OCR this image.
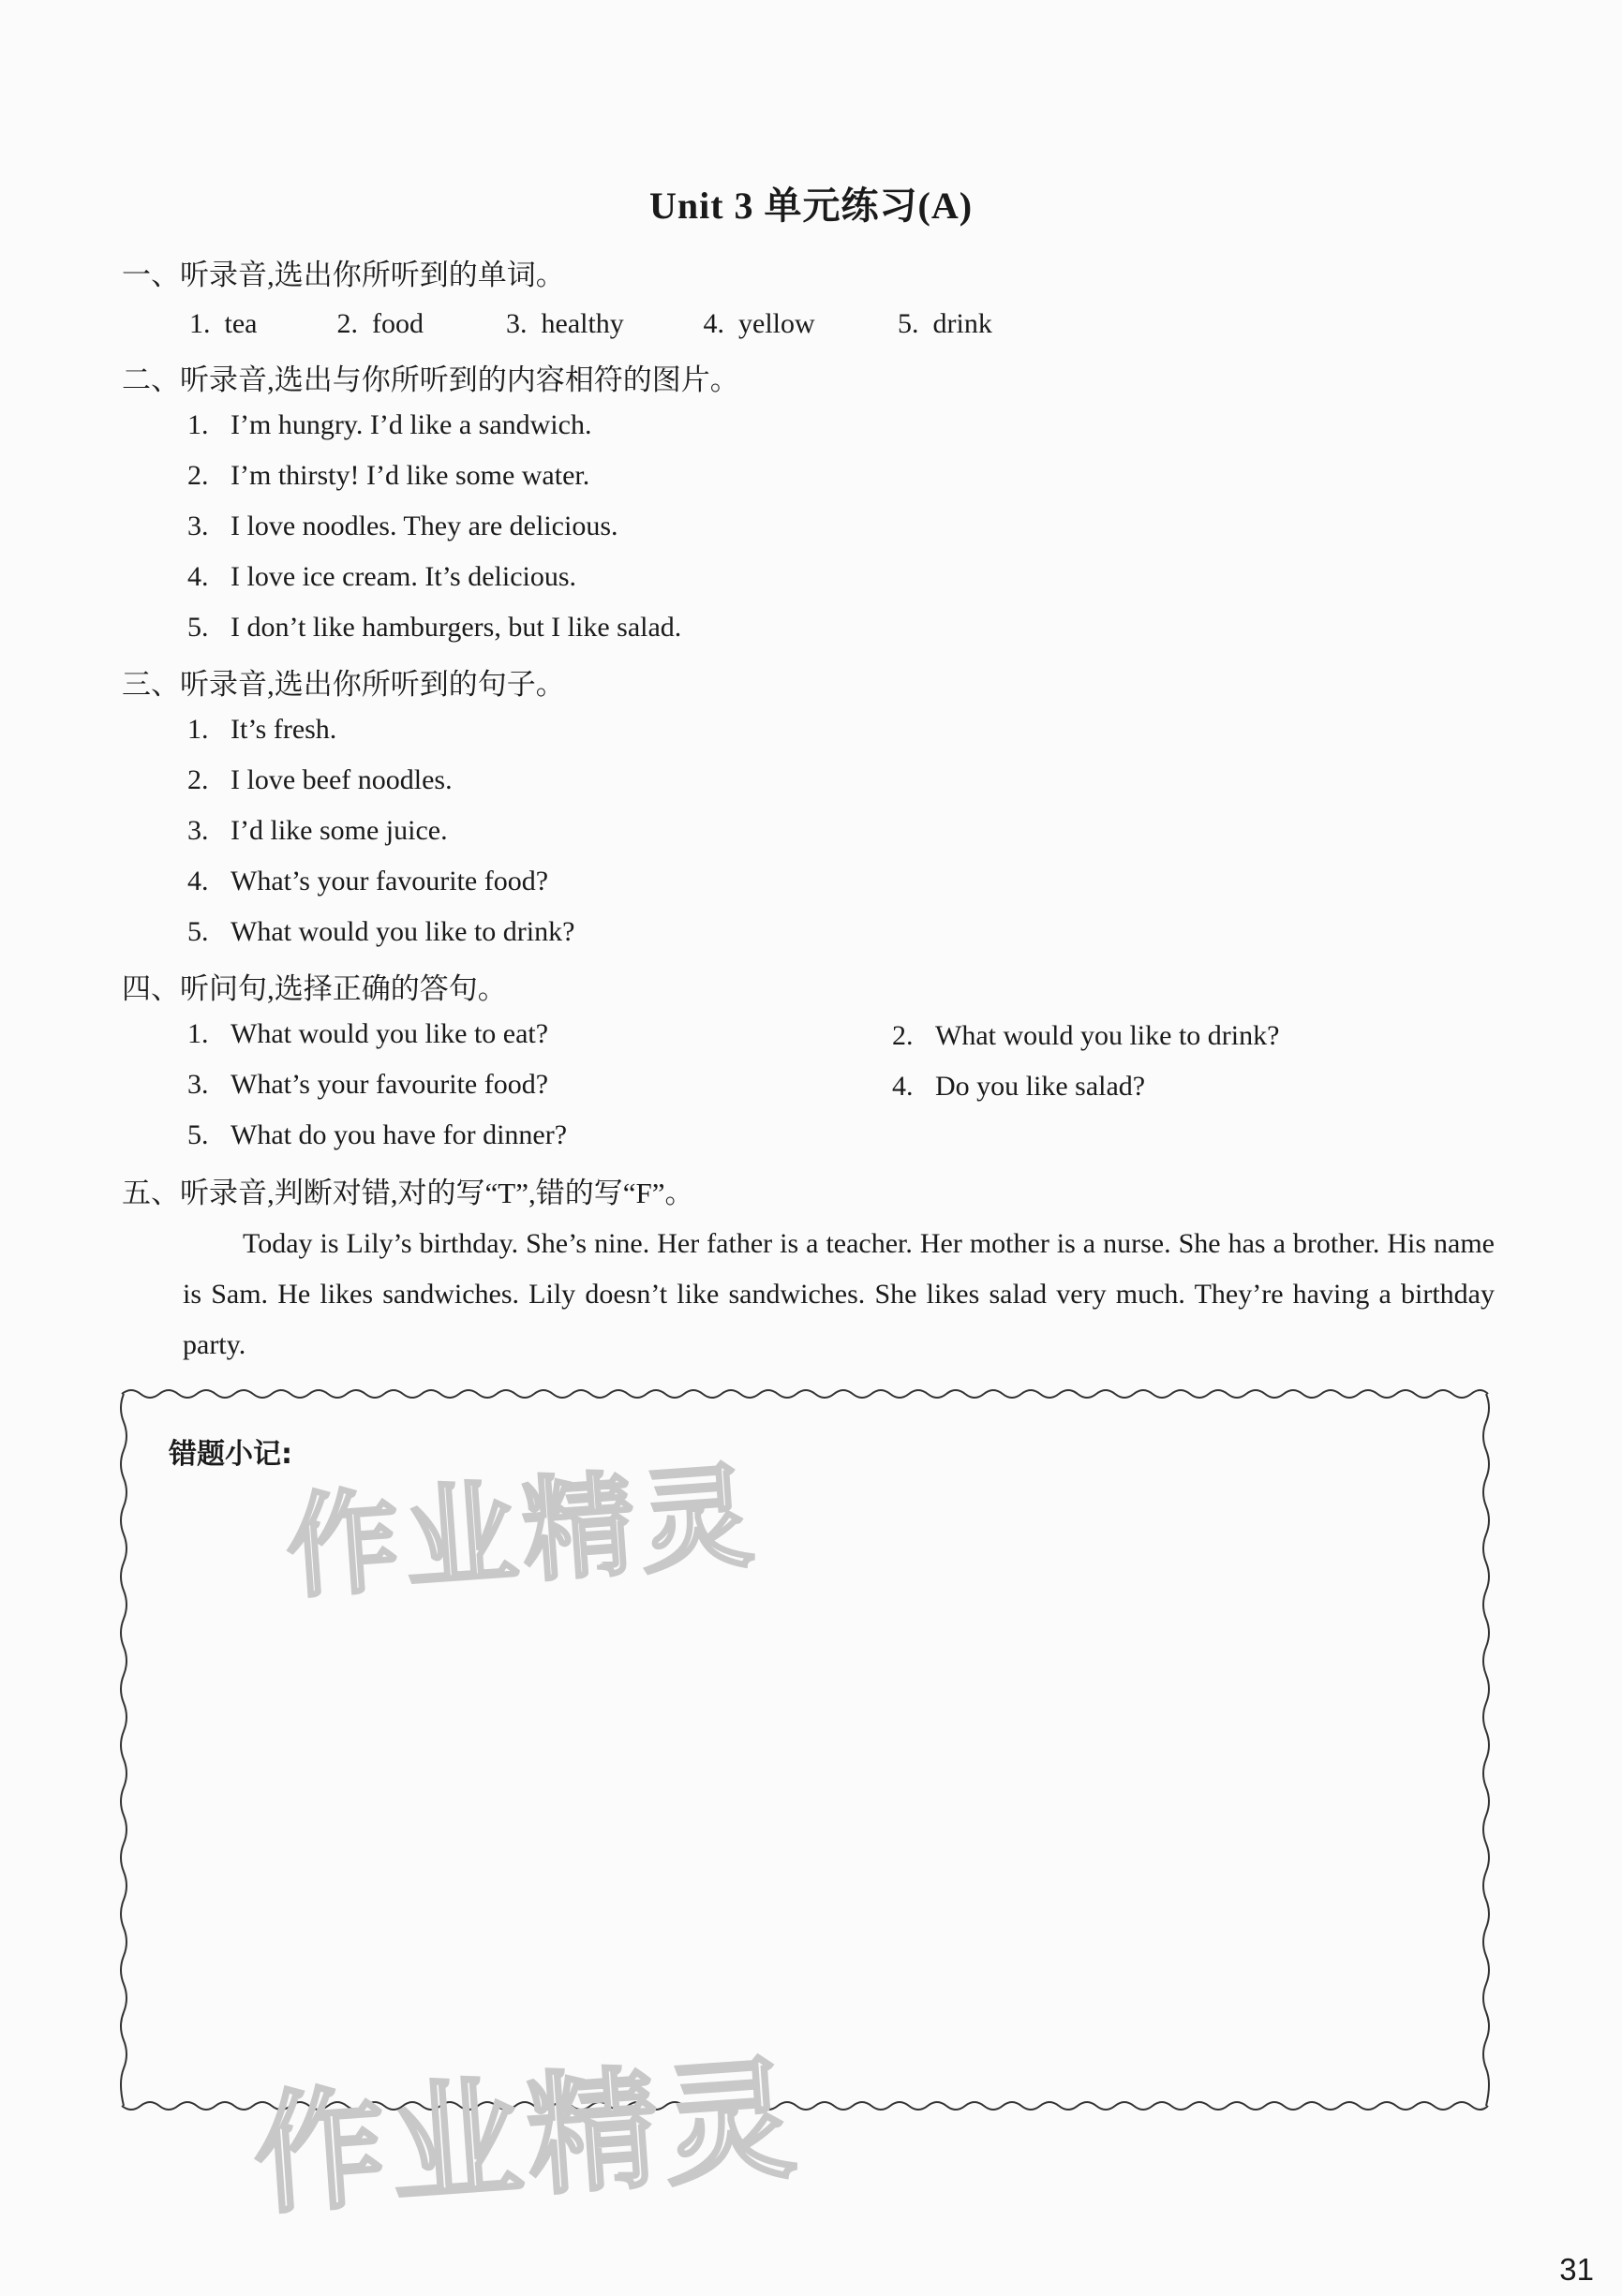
Unit 3 单元练习(A)
一、听录音,选出你所听到的单词。
1. tea	2. food	3. healthy	4. yellow	5. drink
二、听录音,选出与你所听到的内容相符的图片。
1. I’m hungry. I’d like a sandwich.
2. I’m thirsty! I’d like some water.
3. I love noodles. They are delicious.
4. I love ice cream. It’s delicious.
5. I don’t like hamburgers, but I like salad.
三、听录音,选出你所听到的句子。
1. It’s fresh.
2. I love beef noodles.
3. I’d like some juice.
4. What’s your favourite food?
5. What would you like to drink?
四、听问句,选择正确的答句。
1. What would you like to eat?	2. What would you like to drink?
3. What’s your favourite food?	4. Do you like salad?
5. What do you have for dinner?
五、听录音,判断对错,对的写“T”,错的写“F”。
Today is Lily’s birthday. She’s nine. Her father is a teacher. Her mother is a nurse. She has a brother. His name is Sam. He likes sandwiches. Lily doesn’t like sandwiches. She likes salad very much. They’re having a birthday party.
错题小记:
作业精灵
作业精灵
31
